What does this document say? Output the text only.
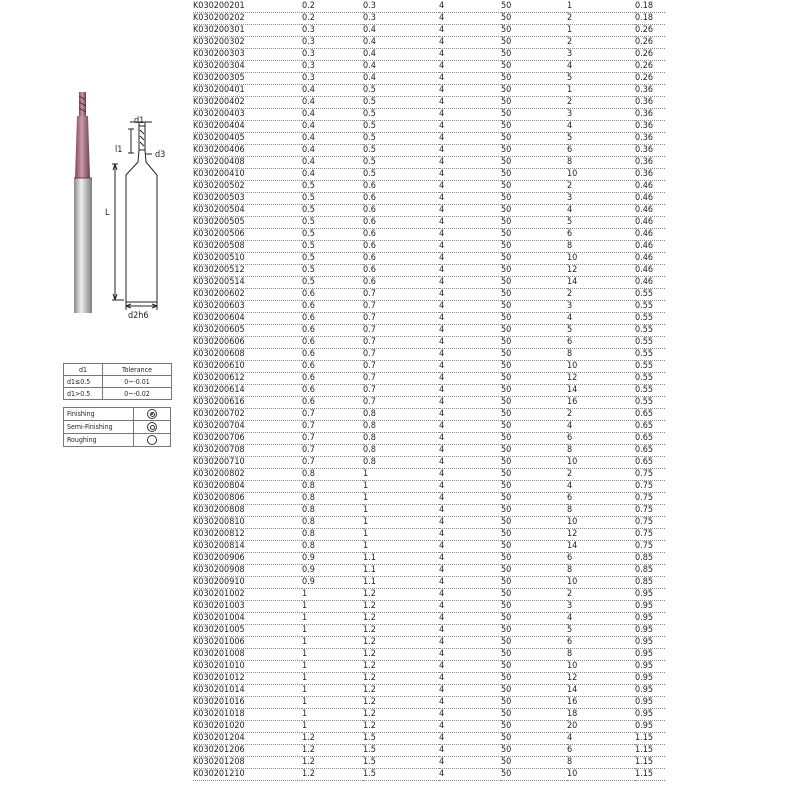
d1
d3
l1
L
d2h6
d1	Tolerance
d1≤0.5	0~-0.01
d1>0.5	0~-0.02
Finishing	

Semi-Finishing	

Roughing	
K030200201	0.2	0.3	4	50	1	0.18
K030200202	0.2	0.3	4	50	2	0.18
K030200301	0.3	0.4	4	50	1	0.26
K030200302	0.3	0.4	4	50	2	0.26
K030200303	0.3	0.4	4	50	3	0.26
K030200304	0.3	0.4	4	50	4	0.26
K030200305	0.3	0.4	4	50	5	0.26
K030200401	0.4	0.5	4	50	1	0.36
K030200402	0.4	0.5	4	50	2	0.36
K030200403	0.4	0.5	4	50	3	0.36
K030200404	0.4	0.5	4	50	4	0.36
K030200405	0.4	0.5	4	50	5	0.36
K030200406	0.4	0.5	4	50	6	0.36
K030200408	0.4	0.5	4	50	8	0.36
K030200410	0.4	0.5	4	50	10	0.36
K030200502	0.5	0.6	4	50	2	0.46
K030200503	0.5	0.6	4	50	3	0.46
K030200504	0.5	0.6	4	50	4	0.46
K030200505	0.5	0.6	4	50	5	0.46
K030200506	0.5	0.6	4	50	6	0.46
K030200508	0.5	0.6	4	50	8	0.46
K030200510	0.5	0.6	4	50	10	0.46
K030200512	0.5	0.6	4	50	12	0.46
K030200514	0.5	0.6	4	50	14	0.46
K030200602	0.6	0.7	4	50	2	0.55
K030200603	0.6	0.7	4	50	3	0.55
K030200604	0.6	0.7	4	50	4	0.55
K030200605	0.6	0.7	4	50	5	0.55
K030200606	0.6	0.7	4	50	6	0.55
K030200608	0.6	0.7	4	50	8	0.55
K030200610	0.6	0.7	4	50	10	0.55
K030200612	0.6	0.7	4	50	12	0.55
K030200614	0.6	0.7	4	50	14	0.55
K030200616	0.6	0.7	4	50	16	0.55
K030200702	0.7	0.8	4	50	2	0.65
K030200704	0.7	0.8	4	50	4	0.65
K030200706	0.7	0.8	4	50	6	0.65
K030200708	0.7	0.8	4	50	8	0.65
K030200710	0.7	0.8	4	50	10	0.65
K030200802	0.8	1	4	50	2	0.75
K030200804	0.8	1	4	50	4	0.75
K030200806	0.8	1	4	50	6	0.75
K030200808	0.8	1	4	50	8	0.75
K030200810	0.8	1	4	50	10	0.75
K030200812	0.8	1	4	50	12	0.75
K030200814	0.8	1	4	50	14	0.75
K030200906	0.9	1.1	4	50	6	0.85
K030200908	0.9	1.1	4	50	8	0.85
K030200910	0.9	1.1	4	50	10	0.85
K030201002	1	1.2	4	50	2	0.95
K030201003	1	1.2	4	50	3	0.95
K030201004	1	1.2	4	50	4	0.95
K030201005	1	1.2	4	50	5	0.95
K030201006	1	1.2	4	50	6	0.95
K030201008	1	1.2	4	50	8	0.95
K030201010	1	1.2	4	50	10	0.95
K030201012	1	1.2	4	50	12	0.95
K030201014	1	1.2	4	50	14	0.95
K030201016	1	1.2	4	50	16	0.95
K030201018	1	1.2	4	50	18	0.95
K030201020	1	1.2	4	50	20	0.95
K030201204	1.2	1.5	4	50	4	1.15
K030201206	1.2	1.5	4	50	6	1.15
K030201208	1.2	1.5	4	50	8	1.15
K030201210	1.2	1.5	4	50	10	1.15
